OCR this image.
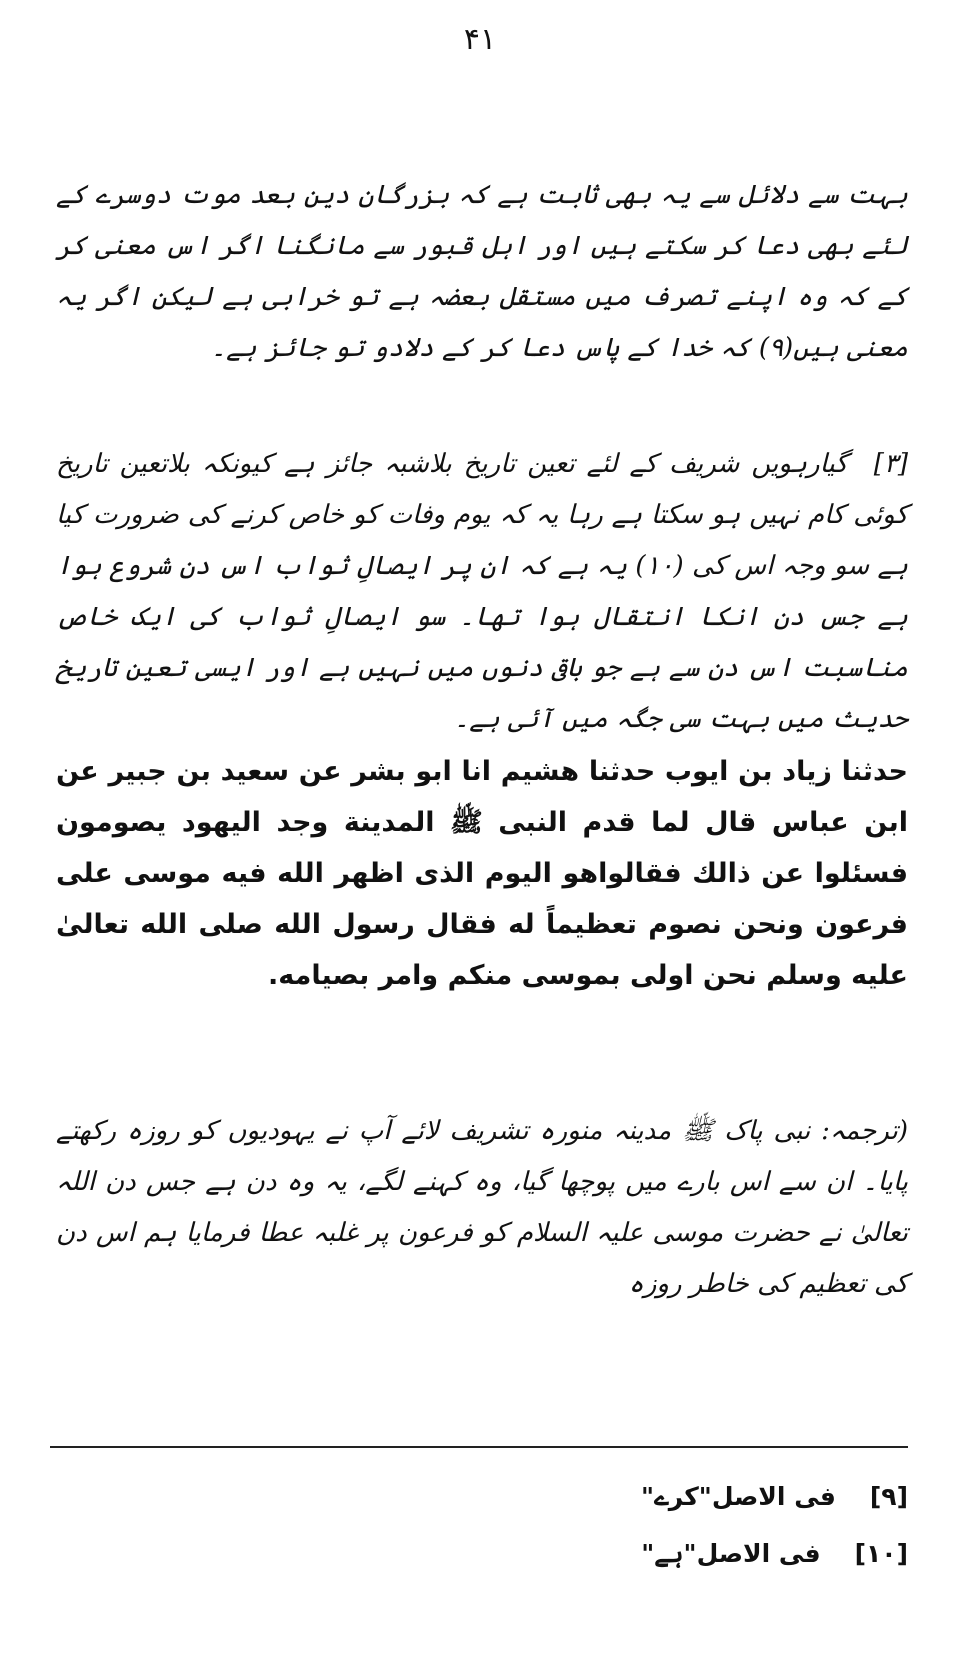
۴۱

بہت سے دلائل سے یہ بھی ثابت ہے کہ بزرگان دین بعد موت دوسرے کے لئے بھی دعا کر سکتے ہیں اور اہل قبور سے مانگنا اگر اس معنی کر کے کہ وہ اپنے تصرف میں مستقل بعضہ ہے تو خرابی ہے لیکن اگر یہ معنی ہیں(۹) کہ خدا کے پاس دعا کر کے دلادو تو جائز ہے۔

[۳]گیارہویں شریف کے لئے تعین تاریخ بلاشبہ جائز ہے کیونکہ بلاتعین تاریخ کوئی کام نہیں ہو سکتا ہے رہا یہ کہ یوم وفات کو خاص کرنے کی ضرورت کیا ہے سو وجہ اس کی (۱۰) یہ ہے کہ ان پر ایصالِ ثواب اس دن شروع ہوا ہے جس دن انکا انتقال ہوا تھا۔ سو ایصالِ ثواب کی ایک خاص مناسبت اس دن سے ہے جو باقی دنوں میں نہیں ہے اور ایسی تعین تاریخ حدیث میں بہت سی جگہ میں آئی ہے۔

حدثنا زیاد بن ایوب حدثنا هشیم انا ابو بشر عن سعید بن جبیر عن ابن عباس قال لما قدم النبی ﷺ المدینة وجد الیهود یصومون فسئلوا عن ذالك فقالواهو الیوم الذی اظهر الله فیه موسی علی فرعون ونحن نصوم تعظیماً له فقال رسول الله صلی الله تعالیٰ علیه وسلم نحن اولی بموسی منکم وامر بصیامه.

(ترجمہ: نبی پاک ﷺ مدینہ منورہ تشریف لائے آپ نے یہودیوں کو روزہ رکھتے پایا۔ ان سے اس بارے میں پوچھا گیا، وہ کہنے لگے، یہ وہ دن ہے جس دن اللہ تعالیٰ نے حضرت موسی علیہ السلام کو فرعون پر غلبہ عطا فرمایا ہم اس دن کی تعظیم کی خاطر روزہ

[۹]فی الاصل"کرے"
[۱۰]فی الاصل"ہے"
